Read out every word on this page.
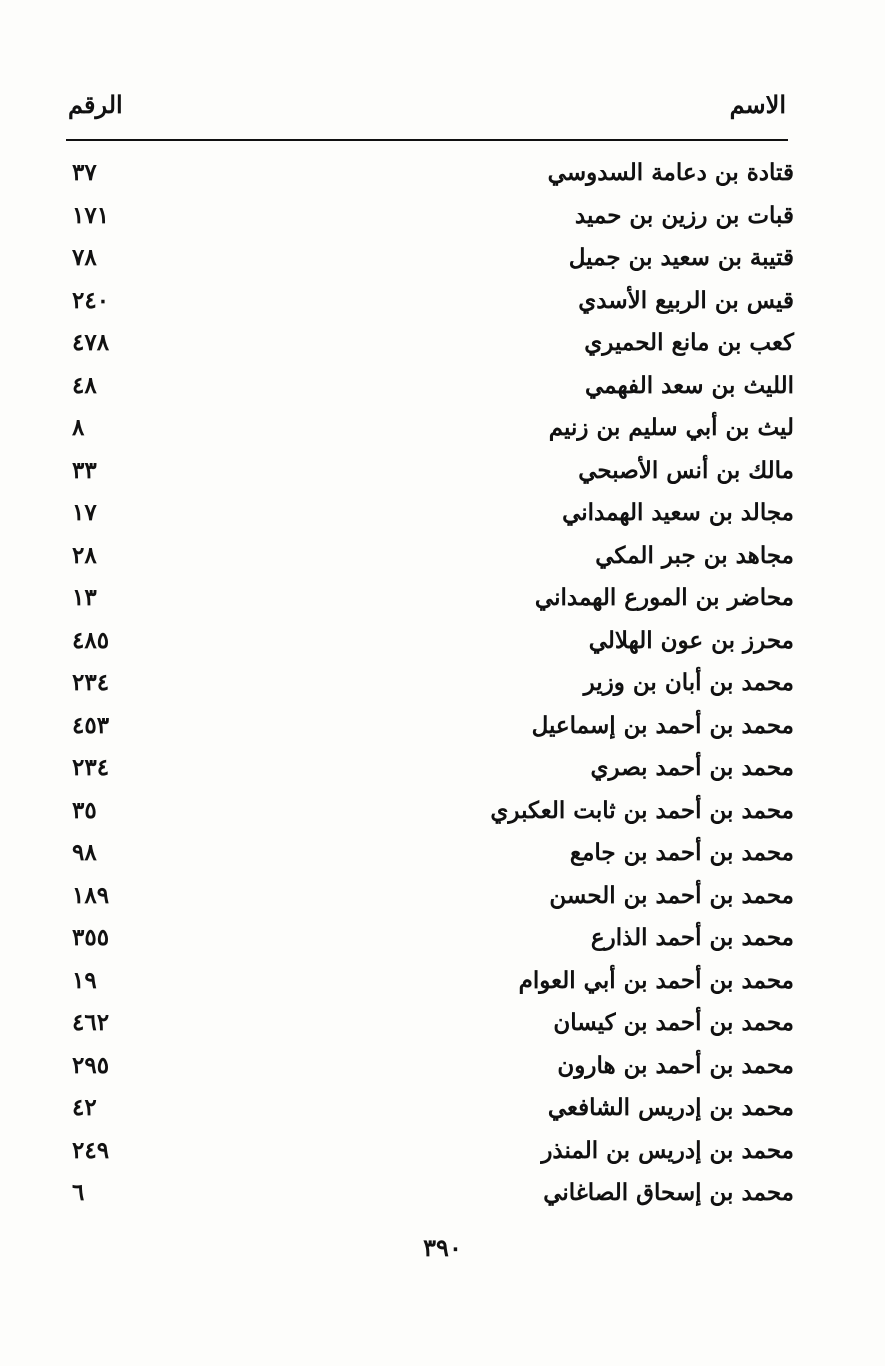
الاسم
الرقم
قتادة بن دعامة السدوسي
٣٧
قبات بن رزين بن حميد
١٧١
قتيبة بن سعيد بن جميل
٧٨
قيس بن الربيع الأسدي
٢٤٠
كعب بن مانع الحميري
٤٧٨
الليث بن سعد الفهمي
٤٨
ليث بن أبي سليم بن زنيم
٨
مالك بن أنس الأصبحي
٣٣
مجالد بن سعيد الهمداني
١٧
مجاهد بن جبر المكي
٢٨
محاضر بن المورع الهمداني
١٣
محرز بن عون الهلالي
٤٨٥
محمد بن أبان بن وزير
٢٣٤
محمد بن أحمد بن إسماعيل
٤٥٣
محمد بن أحمد بصري
٢٣٤
محمد بن أحمد بن ثابت العكبري
٣٥
محمد بن أحمد بن جامع
٩٨
محمد بن أحمد بن الحسن
١٨٩
محمد بن أحمد الذارع
٣٥٥
محمد بن أحمد بن أبي العوام
١٩
محمد بن أحمد بن كيسان
٤٦٢
محمد بن أحمد بن هارون
٢٩٥
محمد بن إدريس الشافعي
٤٢
محمد بن إدريس بن المنذر
٢٤٩
محمد بن إسحاق الصاغاني
٦
٣٩٠
